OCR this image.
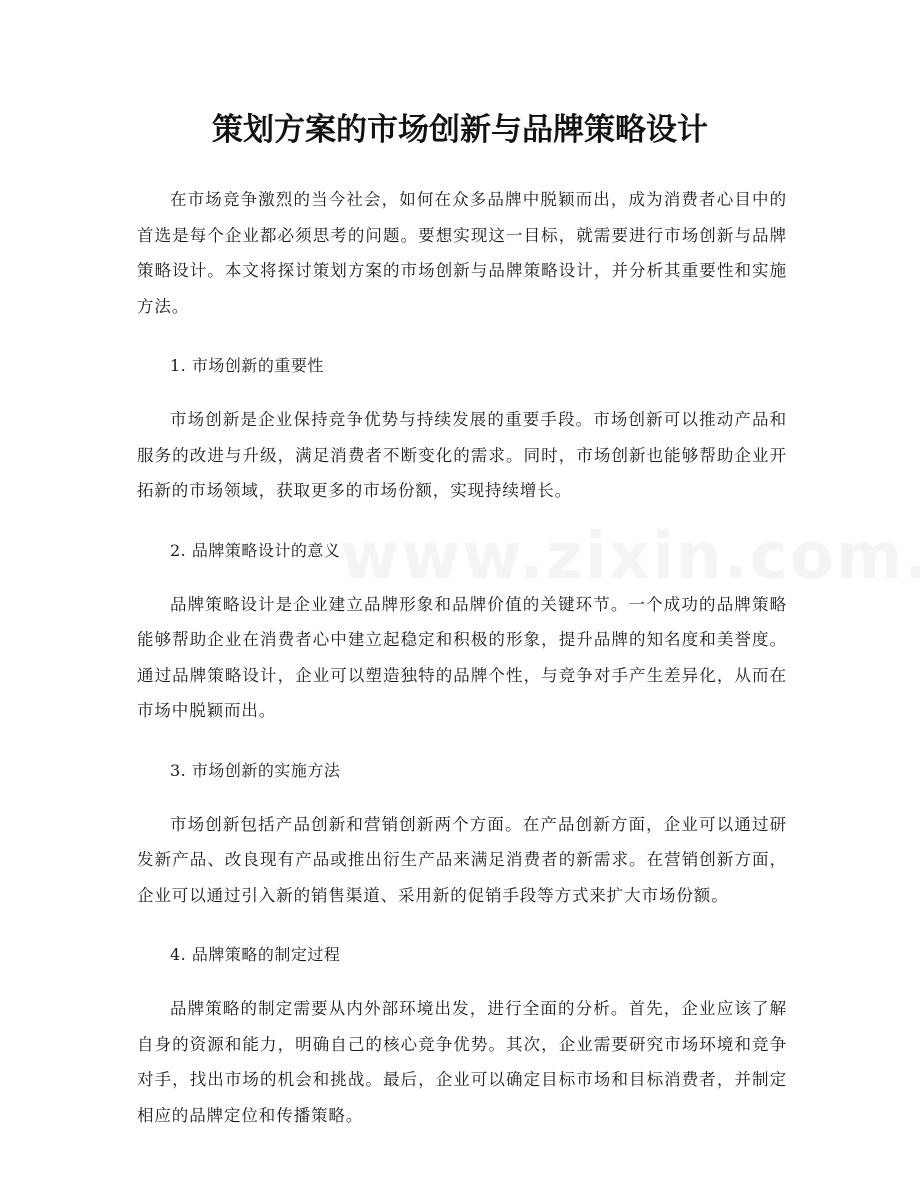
策划方案的市场创新与品牌策略设计

在市场竞争激烈的当今社会，如何在众多品牌中脱颖而出，成为消费者心目中的首选是每个企业都必须思考的问题。要想实现这一目标，就需要进行市场创新与品牌策略设计。本文将探讨策划方案的市场创新与品牌策略设计，并分析其重要性和实施方法。

1. 市场创新的重要性

市场创新是企业保持竞争优势与持续发展的重要手段。市场创新可以推动产品和服务的改进与升级，满足消费者不断变化的需求。同时，市场创新也能够帮助企业开拓新的市场领域，获取更多的市场份额，实现持续增长。

2. 品牌策略设计的意义

品牌策略设计是企业建立品牌形象和品牌价值的关键环节。一个成功的品牌策略能够帮助企业在消费者心中建立起稳定和积极的形象，提升品牌的知名度和美誉度。通过品牌策略设计，企业可以塑造独特的品牌个性，与竞争对手产生差异化，从而在市场中脱颖而出。

3. 市场创新的实施方法

市场创新包括产品创新和营销创新两个方面。在产品创新方面，企业可以通过研发新产品、改良现有产品或推出衍生产品来满足消费者的新需求。在营销创新方面，企业可以通过引入新的销售渠道、采用新的促销手段等方式来扩大市场份额。

4. 品牌策略的制定过程

品牌策略的制定需要从内外部环境出发，进行全面的分析。首先，企业应该了解自身的资源和能力，明确自己的核心竞争优势。其次，企业需要研究市场环境和竞争对手，找出市场的机会和挑战。最后，企业可以确定目标市场和目标消费者，并制定相应的品牌定位和传播策略。
